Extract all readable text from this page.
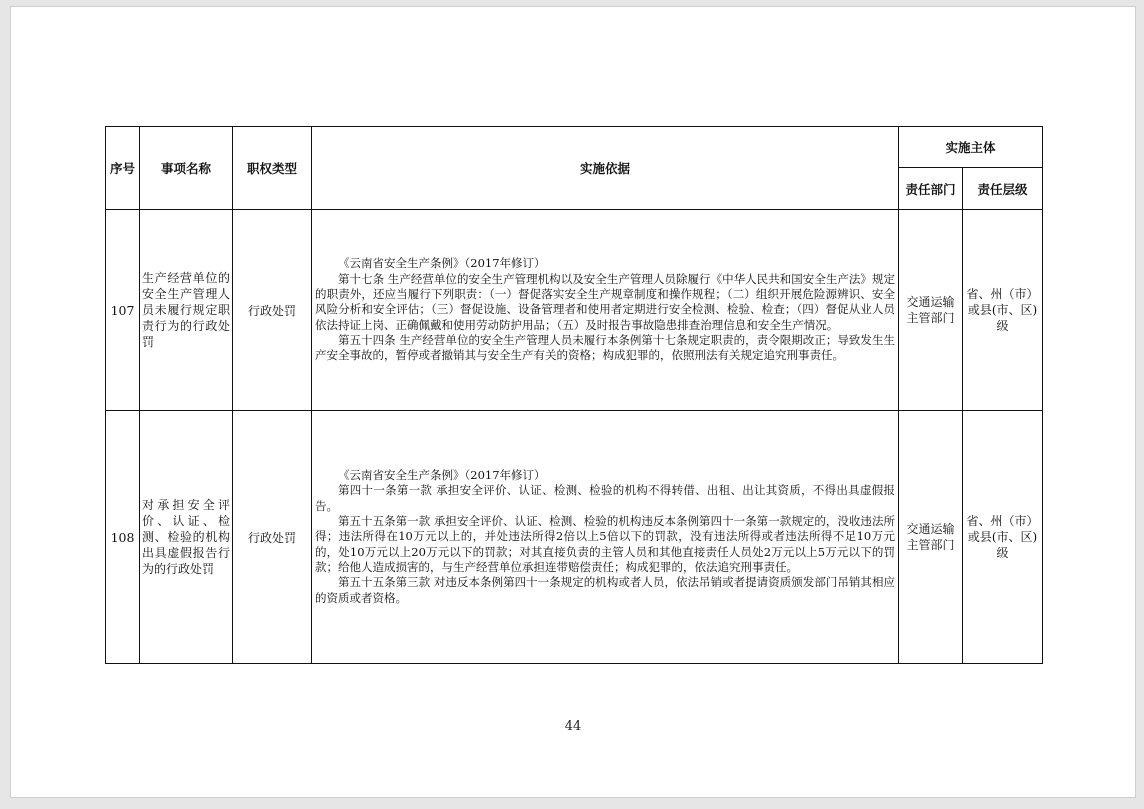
序号	事项名称	职权类型	实施依据	实施主体	
				责任部门	责任层级
107	生产经营单位的安全生产管理人员未履行规定职责行为的行政处罚	行政处罚	《云南省安全生产条例》（2017年修订）

第十七条 生产经营单位的安全生产管理机构以及安全生产管理人员除履行《中华人民共和国安全生产法》规定的职责外，还应当履行下列职责：（一）督促落实安全生产规章制度和操作规程；（二）组织开展危险源辨识、安全风险分析和安全评估；（三）督促设施、设备管理者和使用者定期进行安全检测、检验、检查；（四）督促从业人员依法持证上岗、正确佩戴和使用劳动防护用品；（五）及时报告事故隐患排查治理信息和安全生产情况。

第五十四条 生产经营单位的安全生产管理人员未履行本条例第十七条规定职责的，责令限期改正；导致发生生产安全事故的，暂停或者撤销其与安全生产有关的资格；构成犯罪的，依照刑法有关规定追究刑事责任。	交通运输主管部门	省、州（市）或县(市、区)级
108	对承担安全评价、认证、检测、检验的机构出具虚假报告行为的行政处罚	行政处罚	《云南省安全生产条例》（2017年修订）

第四十一条第一款 承担安全评价、认证、检测、检验的机构不得转借、出租、出让其资质，不得出具虚假报告。

第五十五条第一款 承担安全评价、认证、检测、检验的机构违反本条例第四十一条第一款规定的，没收违法所得；违法所得在10万元以上的，并处违法所得2倍以上5倍以下的罚款，没有违法所得或者违法所得不足10万元的，处10万元以上20万元以下的罚款；对其直接负责的主管人员和其他直接责任人员处2万元以上5万元以下的罚款；给他人造成损害的，与生产经营单位承担连带赔偿责任；构成犯罪的，依法追究刑事责任。

第五十五条第三款 对违反本条例第四十一条规定的机构或者人员，依法吊销或者提请资质颁发部门吊销其相应的资质或者资格。	交通运输主管部门	省、州（市）或县(市、区)级
44
